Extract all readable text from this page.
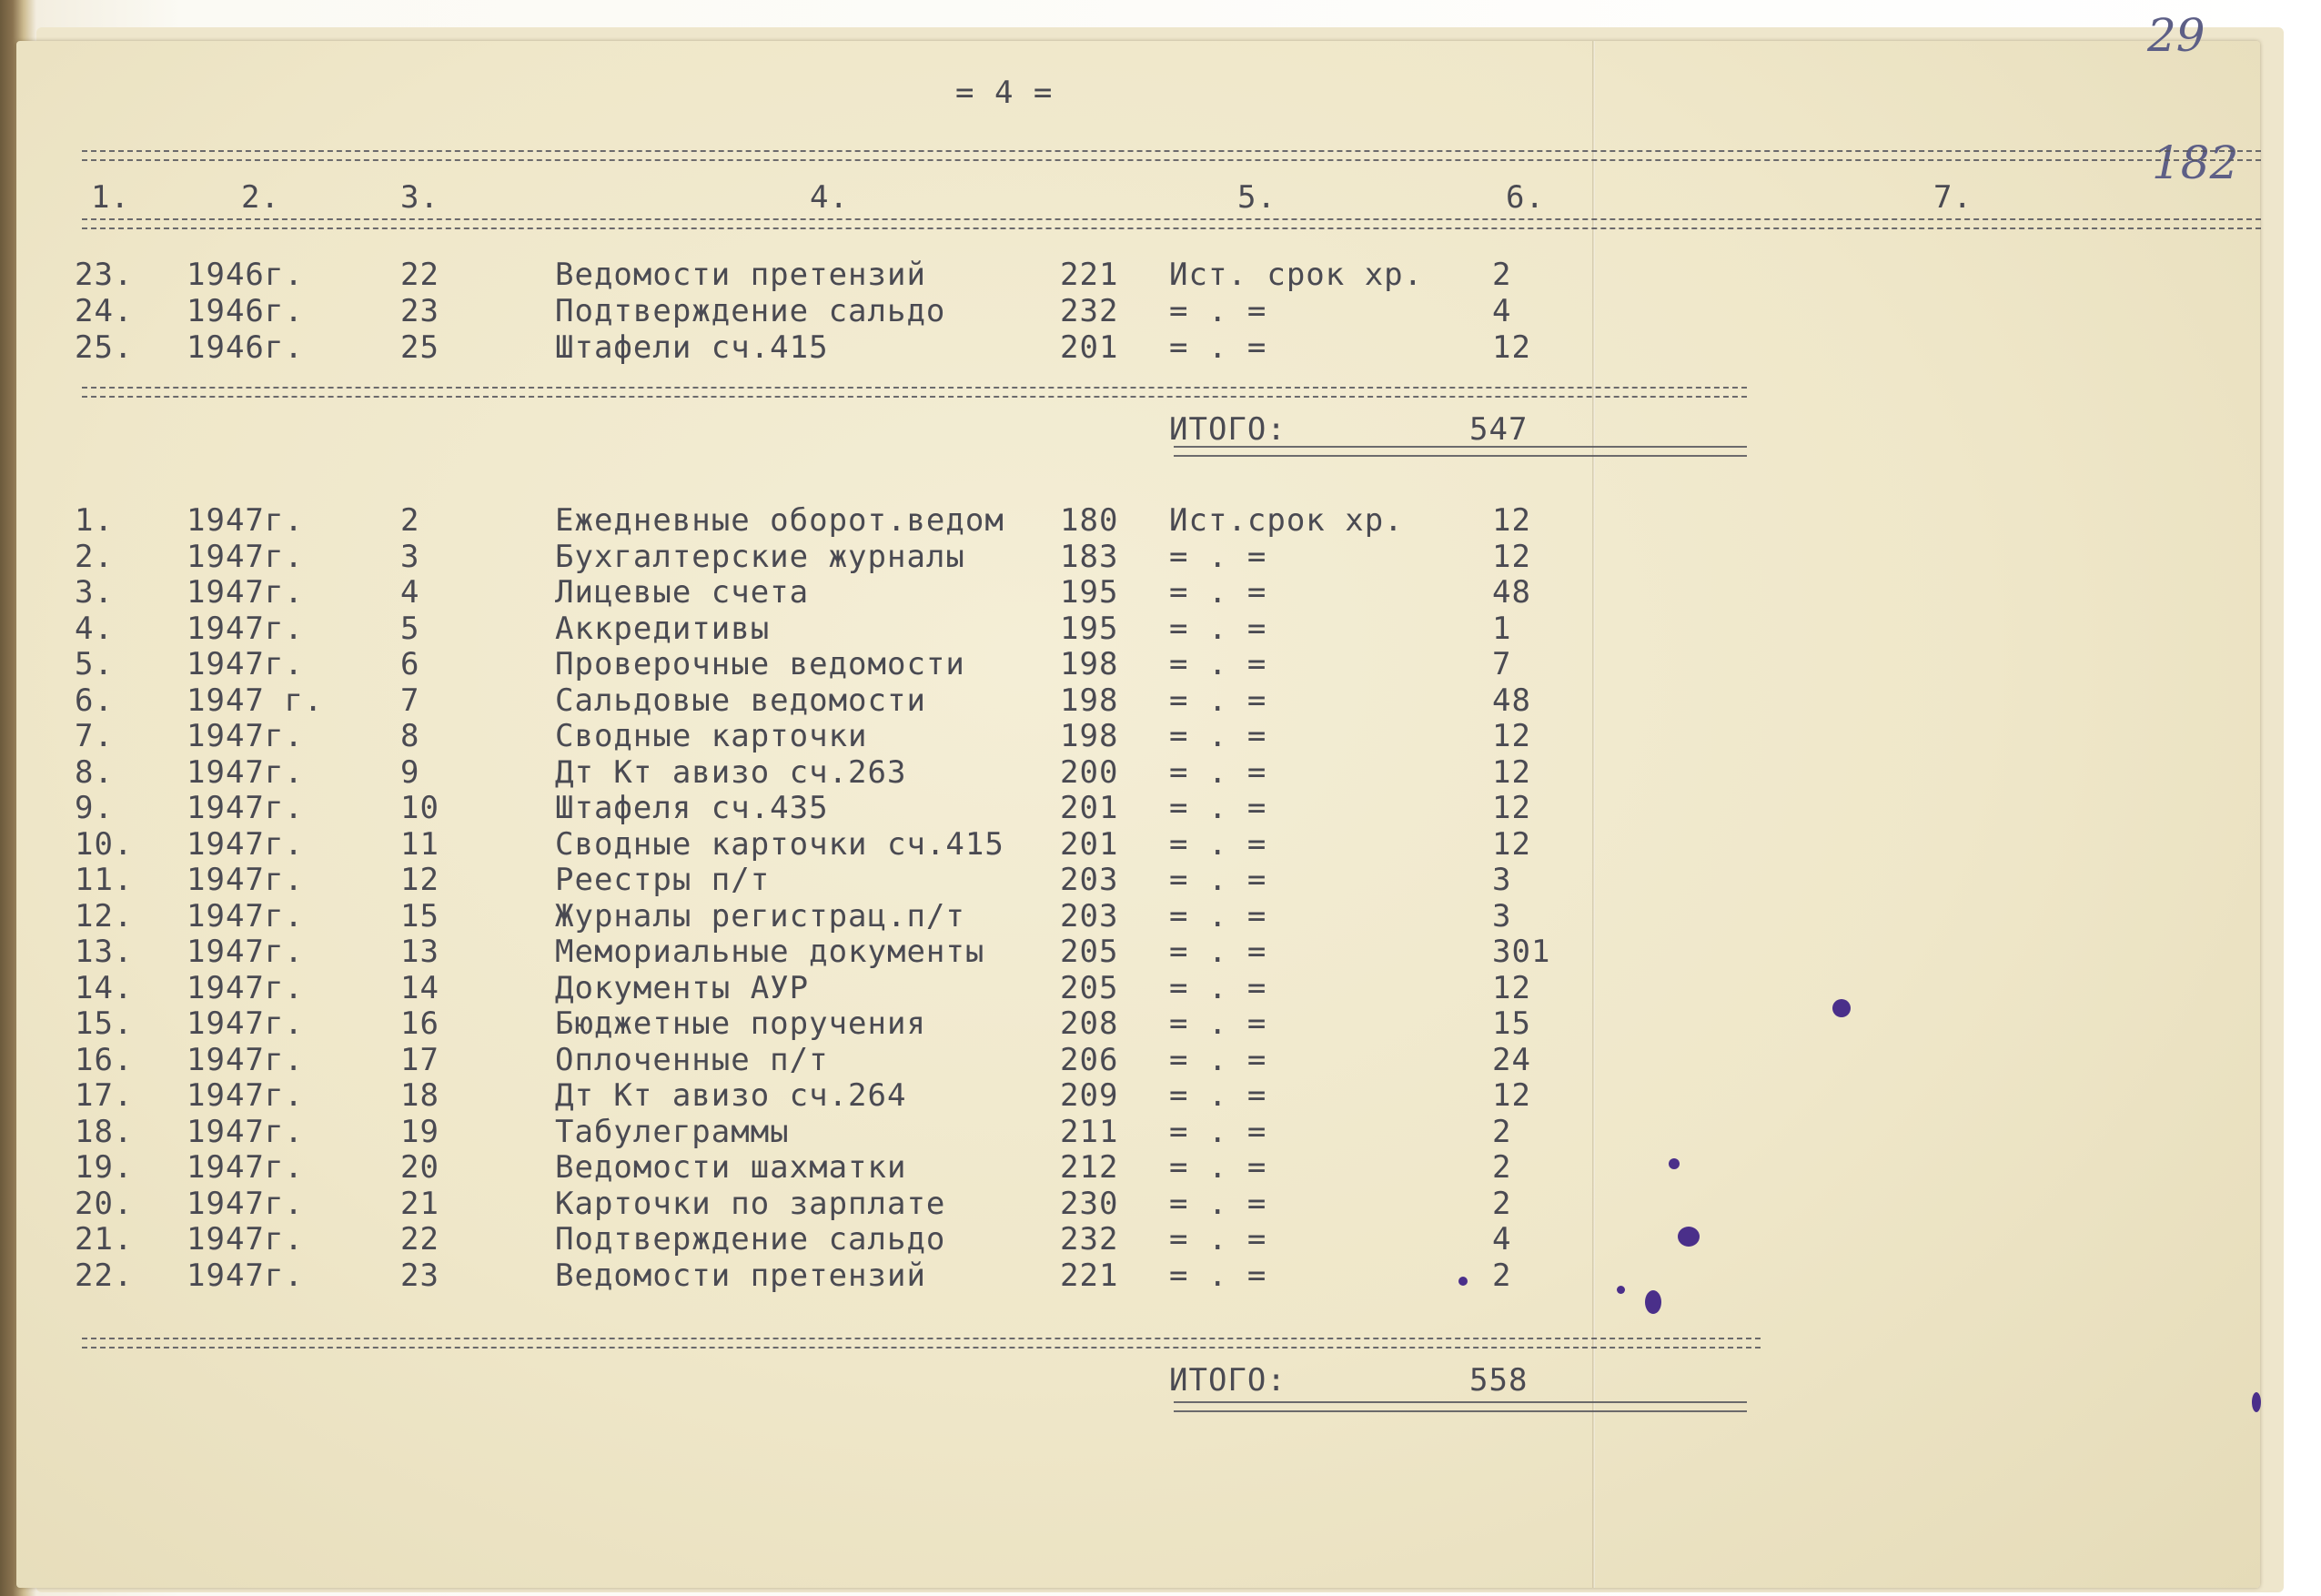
= 4 =
29
182
1.	2.	3.	4.	5.	6.	7.
23. 1946г.	22	Ведомости претензий	221 Ист. срок хр. 2
24. 1946г.	23	Подтверждение сальдо	232 = . =	4
25. 1946г.	25	Штафели сч.415	201 = . =	12
ИТОГО:	547
1. 1947г.	2	Ежедневные оборот.ведом 180 Ист.срок хр.	12
2. 1947г.	3	Бухгалтерские журналы	183 = . =	12
3. 1947г.	4	Лицевые счета	195 = . =	48
4. 1947г.	5	Аккредитивы	195 = . =	1
5. 1947г.	6	Проверочные ведомости	198 = . =	7
6. 1947 г. 7	Сальдовые ведомости	198 = . =	48
7. 1947г.	8	Сводные карточки	198 = . =	12
8. 1947г.	9	Дт Кт авизо сч.263	200 = . =	12
9. 1947г.	10	Штафеля сч.435	201 = . =	12
10. 1947г.	11	Сводные карточки сч.415 201 = . =	12
11. 1947г.	12	Реестры п/т	203 = . =	3
12. 1947г.	15	Журналы регистрац.п/т	203 = . =	3
13. 1947г.	13	Мемориальные документы 205 = . =	301
14. 1947г.	14	Документы АУР	205 = . =	12
15. 1947г.	16	Бюджетные поручения	208 = . =	15
16. 1947г.	17	Оплоченные п/т	206 = . =	24
17. 1947г.	18	Дт Кт авизо сч.264	209 = . =	12
18. 1947г.	19	Табулеграммы	211 = . =	2
19. 1947г.	20	Ведомости шахматки	212 = . =	2
20. 1947г.	21	Карточки по зарплате	230 = . =	2
21. 1947г.	22	Подтверждение сальдо	232 = . =	4
22. 1947г.	23	Ведомости претензий	221 = . =	2
ИТОГО:	558
